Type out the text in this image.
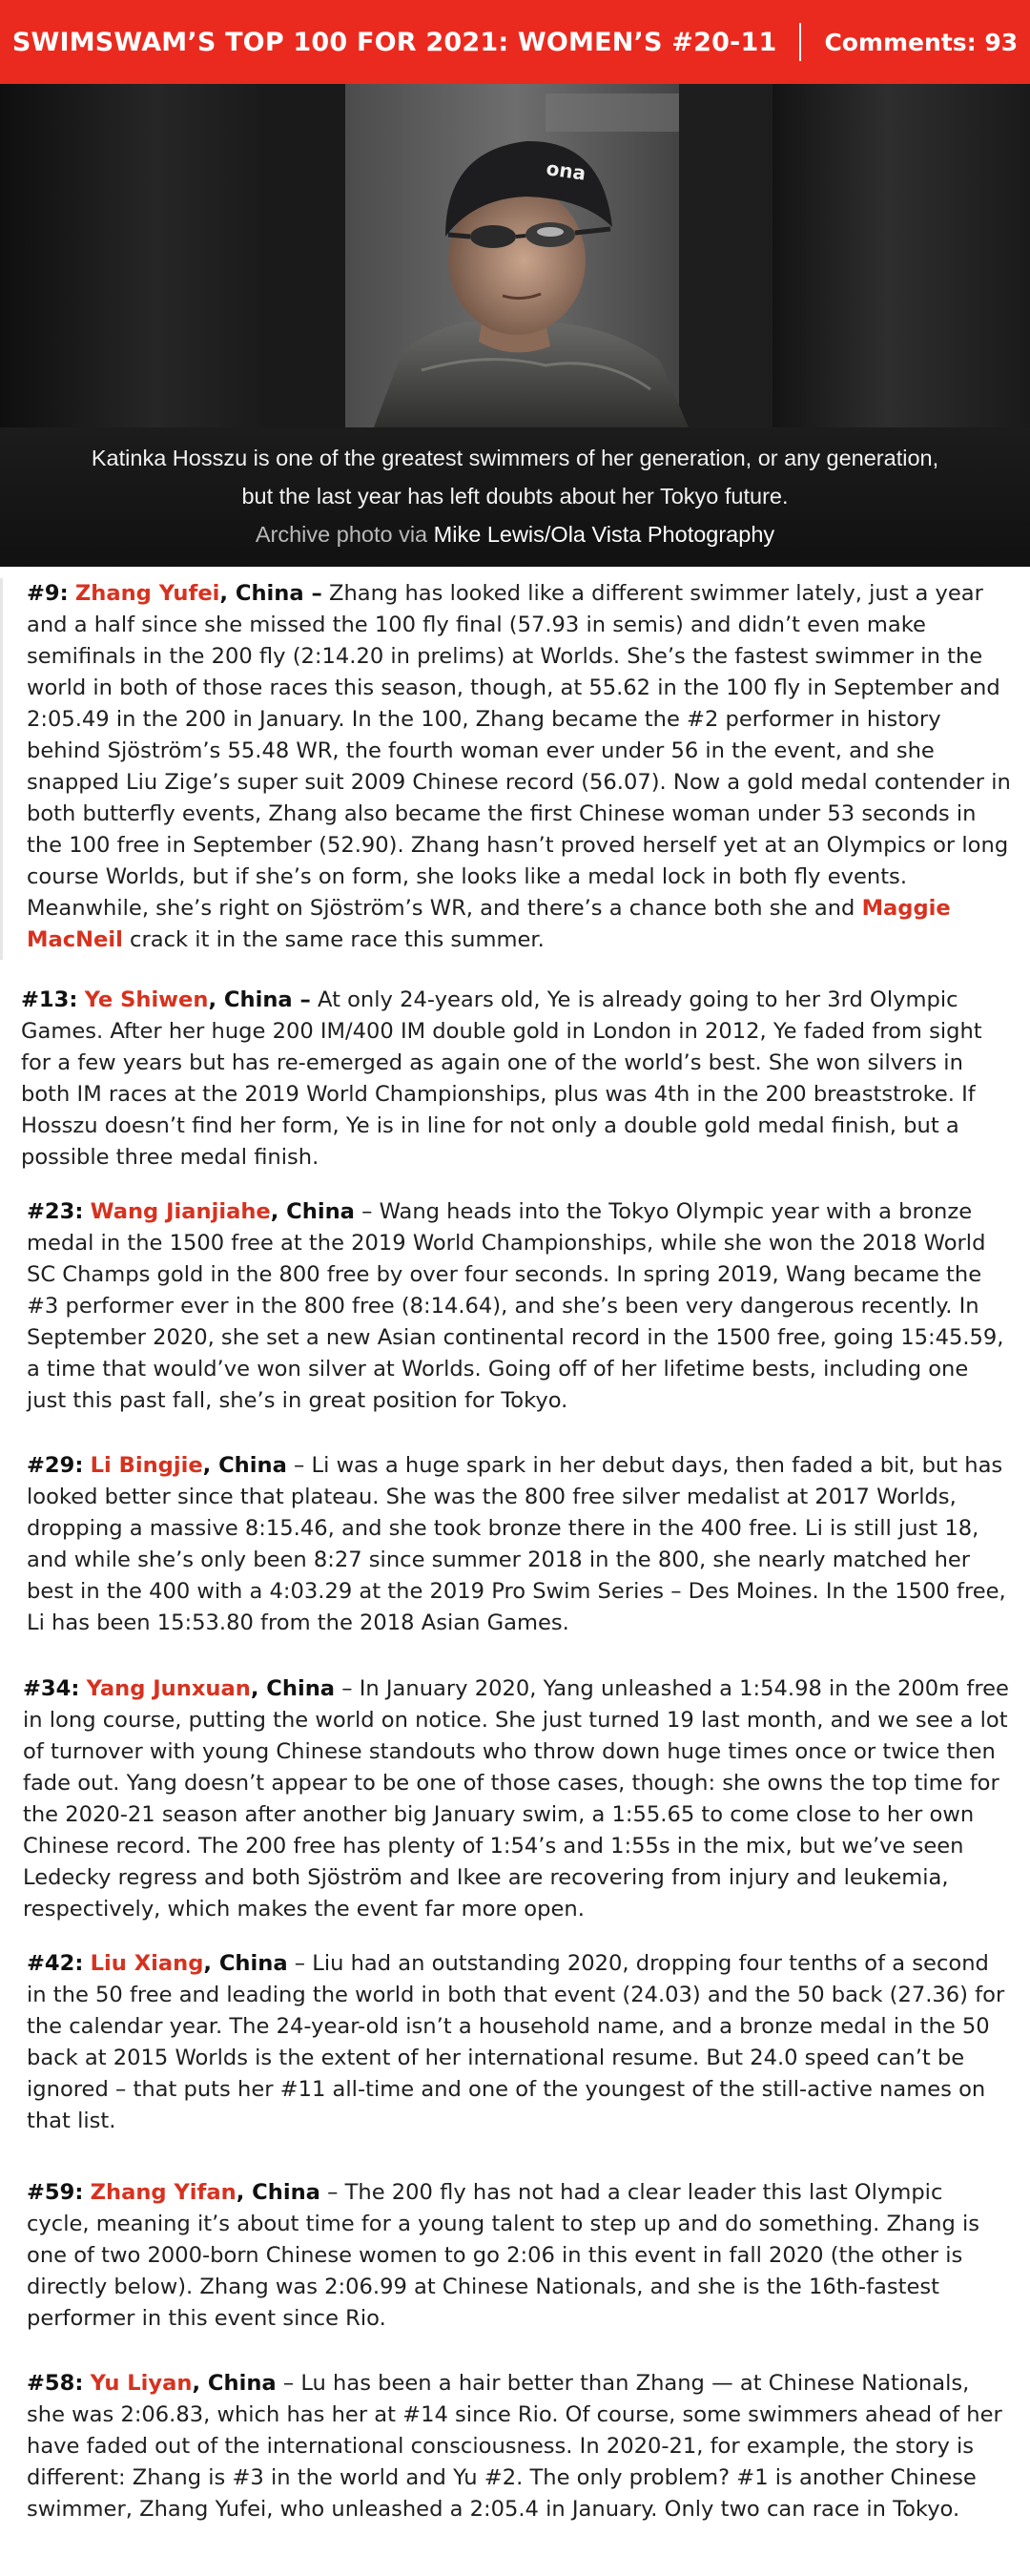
SWIMSWAM’S TOP 100 FOR 2021: WOMEN’S #20-11 Comments: 93
ona
Katinka Hosszu is one of the greatest swimmers of her generation, or any generation, but the last year has left doubts about her Tokyo future.
Archive photo via Mike Lewis/Ola Vista Photography
#9: Zhang Yufei, China – Zhang has looked like a different swimmer lately, just a year and a half since she missed the 100 fly final (57.93 in semis) and didn’t even make semifinals in the 200 fly (2:14.20 in prelims) at Worlds. She’s the fastest swimmer in the world in both of those races this season, though, at 55.62 in the 100 fly in September and 2:05.49 in the 200 in January. In the 100, Zhang became the #2 performer in history behind Sjöström’s 55.48 WR, the fourth woman ever under 56 in the event, and she snapped Liu Zige’s super suit 2009 Chinese record (56.07). Now a gold medal contender in both butterfly events, Zhang also became the first Chinese woman under 53 seconds in the 100 free in September (52.90). Zhang hasn’t proved herself yet at an Olympics or long course Worlds, but if she’s on form, she looks like a medal lock in both fly events. Meanwhile, she’s right on Sjöström’s WR, and there’s a chance both she and Maggie MacNeil crack it in the same race this summer.
#13: Ye Shiwen, China – At only 24-years old, Ye is already going to her 3rd Olympic Games. After her huge 200 IM/400 IM double gold in London in 2012, Ye faded from sight for a few years but has re-emerged as again one of the world’s best. She won silvers in both IM races at the 2019 World Championships, plus was 4th in the 200 breaststroke. If Hosszu doesn’t find her form, Ye is in line for not only a double gold medal finish, but a possible three medal finish.
#23: Wang Jianjiahe, China – Wang heads into the Tokyo Olympic year with a bronze medal in the 1500 free at the 2019 World Championships, while she won the 2018 World SC Champs gold in the 800 free by over four seconds. In spring 2019, Wang became the #3 performer ever in the 800 free (8:14.64), and she’s been very dangerous recently. In September 2020, she set a new Asian continental record in the 1500 free, going 15:45.59, a time that would’ve won silver at Worlds. Going off of her lifetime bests, including one just this past fall, she’s in great position for Tokyo.
#29: Li Bingjie, China – Li was a huge spark in her debut days, then faded a bit, but has looked better since that plateau. She was the 800 free silver medalist at 2017 Worlds, dropping a massive 8:15.46, and she took bronze there in the 400 free. Li is still just 18, and while she’s only been 8:27 since summer 2018 in the 800, she nearly matched her best in the 400 with a 4:03.29 at the 2019 Pro Swim Series – Des Moines. In the 1500 free, Li has been 15:53.80 from the 2018 Asian Games.
#34: Yang Junxuan, China – In January 2020, Yang unleashed a 1:54.98 in the 200m free in long course, putting the world on notice. She just turned 19 last month, and we see a lot of turnover with young Chinese standouts who throw down huge times once or twice then fade out. Yang doesn’t appear to be one of those cases, though: she owns the top time for the 2020-21 season after another big January swim, a 1:55.65 to come close to her own Chinese record. The 200 free has plenty of 1:54’s and 1:55s in the mix, but we’ve seen Ledecky regress and both Sjöström and Ikee are recovering from injury and leukemia, respectively, which makes the event far more open.
#42: Liu Xiang, China – Liu had an outstanding 2020, dropping four tenths of a second in the 50 free and leading the world in both that event (24.03) and the 50 back (27.36) for the calendar year. The 24-year-old isn’t a household name, and a bronze medal in the 50 back at 2015 Worlds is the extent of her international resume. But 24.0 speed can’t be ignored – that puts her #11 all-time and one of the youngest of the still-active names on that list.
#59: Zhang Yifan, China – The 200 fly has not had a clear leader this last Olympic cycle, meaning it’s about time for a young talent to step up and do something. Zhang is one of two 2000-born Chinese women to go 2:06 in this event in fall 2020 (the other is directly below). Zhang was 2:06.99 at Chinese Nationals, and she is the 16th-fastest performer in this event since Rio.
#58: Yu Liyan, China – Lu has been a hair better than Zhang — at Chinese Nationals, she was 2:06.83, which has her at #14 since Rio. Of course, some swimmers ahead of her have faded out of the international consciousness. In 2020-21, for example, the story is different: Zhang is #3 in the world and Yu #2. The only problem? #1 is another Chinese swimmer, Zhang Yufei, who unleashed a 2:05.4 in January. Only two can race in Tokyo.
